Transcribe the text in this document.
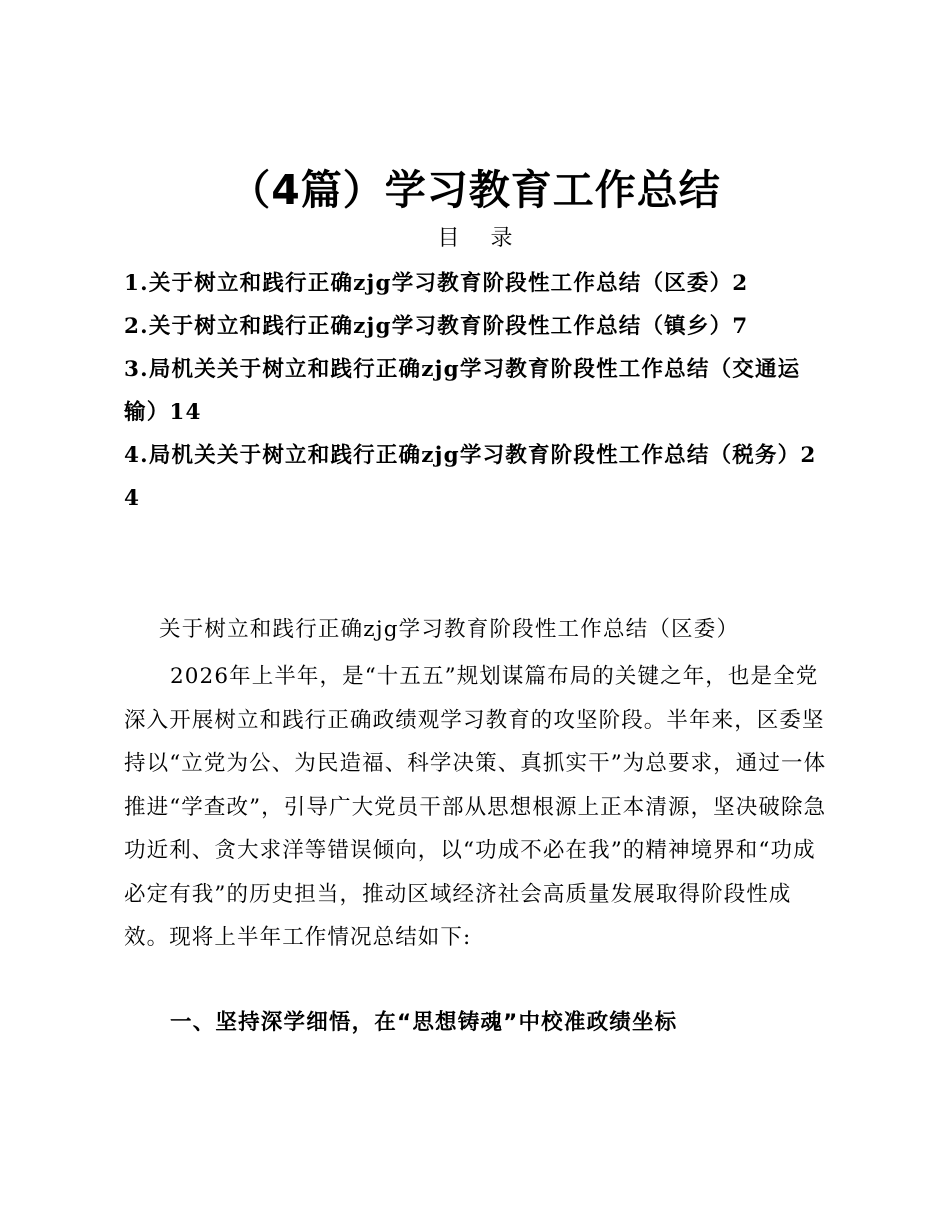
（4篇）学习教育工作总结
目 录
1.关于树立和践行正确zjg学习教育阶段性工作总结（区委）2
2.关于树立和践行正确zjg学习教育阶段性工作总结（镇乡）7
3.局机关关于树立和践行正确zjg学习教育阶段性工作总结（交通运输）14
4.局机关关于树立和践行正确zjg学习教育阶段性工作总结（税务）24
关于树立和践行正确zjg学习教育阶段性工作总结（区委）

2026年上半年，是“十五五”规划谋篇布局的关键之年，也是全党深入开展树立和践行正确政绩观学习教育的攻坚阶段。半年来，区委坚持以“立党为公、为民造福、科学决策、真抓实干”为总要求，通过一体推进“学查改”，引导广大党员干部从思想根源上正本清源，坚决破除急功近利、贪大求洋等错误倾向，以“功成不必在我”的精神境界和“功成必定有我”的历史担当，推动区域经济社会高质量发展取得阶段性成效。现将上半年工作情况总结如下:

一、坚持深学细悟，在“思想铸魂”中校准政绩坐标
